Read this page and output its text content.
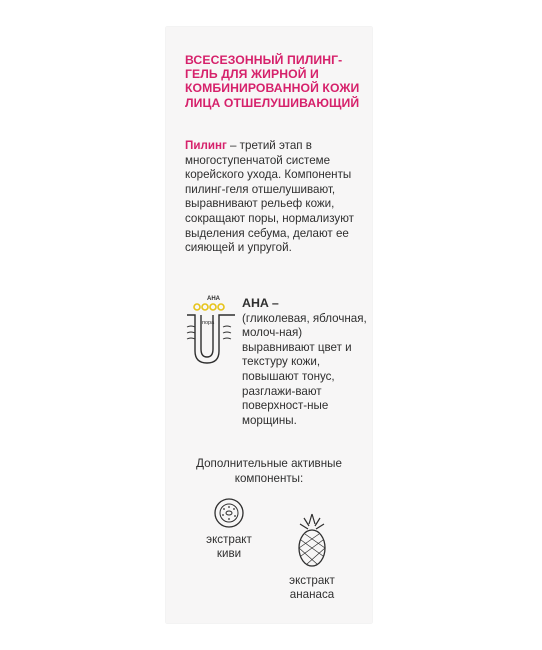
ВСЕСЕЗОННЫЙ ПИЛИНГ-ГЕЛЬ ДЛЯ ЖИРНОЙ И КОМБИНИРОВАННОЙ КОЖИ ЛИЦА ОТШЕЛУШИВАЮЩИЙ
Пилинг – третий этап в многоступенчатой системе корейского ухода. Компоненты пилинг-геля отшелушивают, выравнивают рельеф кожи, сокращают поры, нормализуют выделения себума, делают ее сияющей и упругой.
AHA
пора
AHA –
(гликолевая, яблочная, молоч-ная) выравнивают цвет и текстуру кожи, повышают тонус, разглажи-вают поверхност-ные морщины.
Дополнительные активные компоненты:
экстракт
киви
экстракт
ананаса
